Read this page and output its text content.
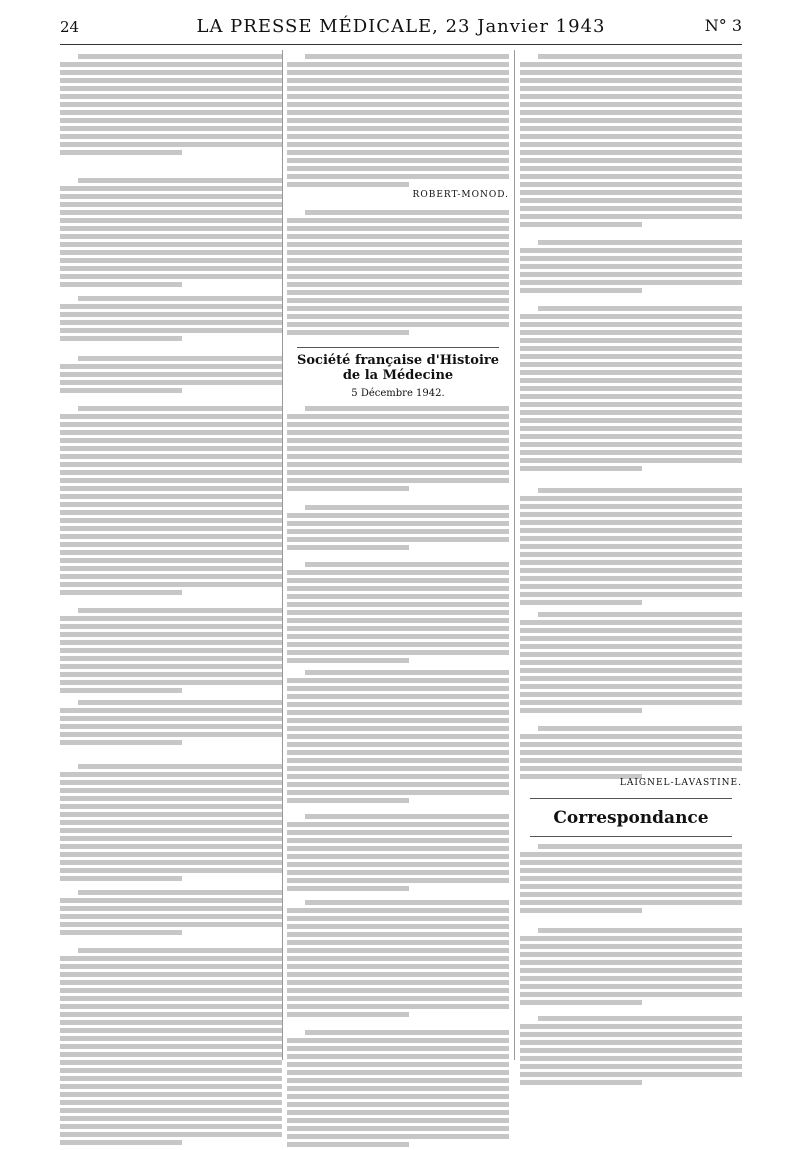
24	LA PRESSE MÉDICALE, 23 Janvier 1943	N° 3
ROBERT-MONOD.
Société française d'Histoire de la Médecine
5 Décembre 1942.
LAIGNEL-LAVASTINE.
Correspondance
